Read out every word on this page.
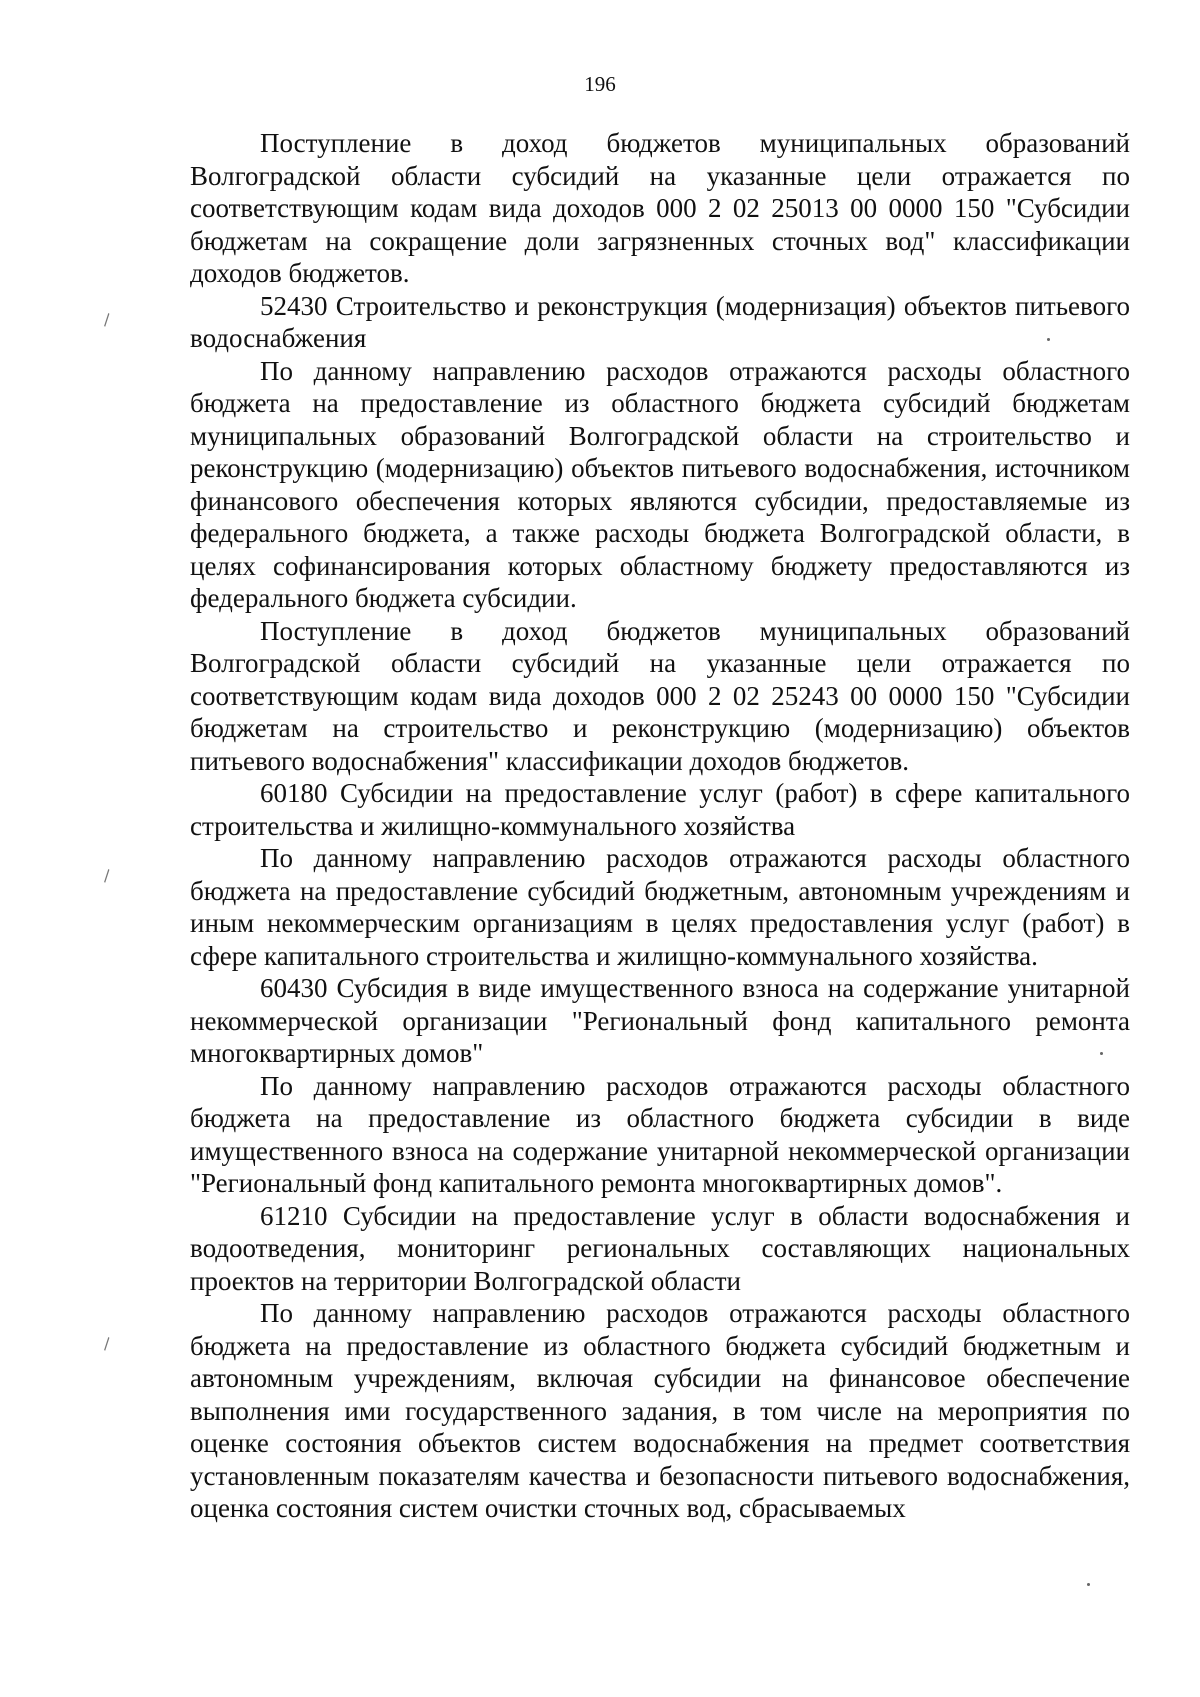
196
\
\
\

Поступление в доход бюджетов муниципальных образований Волгоградской области субсидий на указанные цели отражается по соответствующим кодам вида доходов 000 2 02 25013 00 0000 150 "Субсидии бюджетам на сокращение доли загрязненных сточных вод" классификации доходов бюджетов.

52430 Строительство и реконструкция (модернизация) объектов питьевого водоснабжения

По данному направлению расходов отражаются расходы областного бюджета на предоставление из областного бюджета субсидий бюджетам муниципальных образований Волгоградской области на строительство и реконструкцию (модернизацию) объектов питьевого водоснабжения, источником финансового обеспечения которых являются субсидии, предоставляемые из федерального бюджета, а также расходы бюджета Волгоградской области, в целях софинансирования которых областному бюджету предоставляются из федерального бюджета субсидии.

Поступление в доход бюджетов муниципальных образований Волгоградской области субсидий на указанные цели отражается по соответствующим кодам вида доходов 000 2 02 25243 00 0000 150 "Субсидии бюджетам на строительство и реконструкцию (модернизацию) объектов питьевого водоснабжения" классификации доходов бюджетов.

60180 Субсидии на предоставление услуг (работ) в сфере капитального строительства и жилищно-коммунального хозяйства

По данному направлению расходов отражаются расходы областного бюджета на предоставление субсидий бюджетным, автономным учреждениям и иным некоммерческим организациям в целях предоставления услуг (работ) в сфере капитального строительства и жилищно-коммунального хозяйства.

60430 Субсидия в виде имущественного взноса на содержание унитарной некоммерческой организации "Региональный фонд капитального ремонта многоквартирных домов"

По данному направлению расходов отражаются расходы областного бюджета на предоставление из областного бюджета субсидии в виде имущественного взноса на содержание унитарной некоммерческой организации "Региональный фонд капитального ремонта многоквартирных домов".

61210 Субсидии на предоставление услуг в области водоснабжения и водоотведения, мониторинг региональных составляющих национальных проектов на территории Волгоградской области

По данному направлению расходов отражаются расходы областного бюджета на предоставление из областного бюджета субсидий бюджетным и автономным учреждениям, включая субсидии на финансовое обеспечение выполнения ими государственного задания, в том числе на мероприятия по оценке состояния объектов систем водоснабжения на предмет соответствия установленным показателям качества и безопасности питьевого водоснабжения, оценка состояния систем очистки сточных вод, сбрасываемых
